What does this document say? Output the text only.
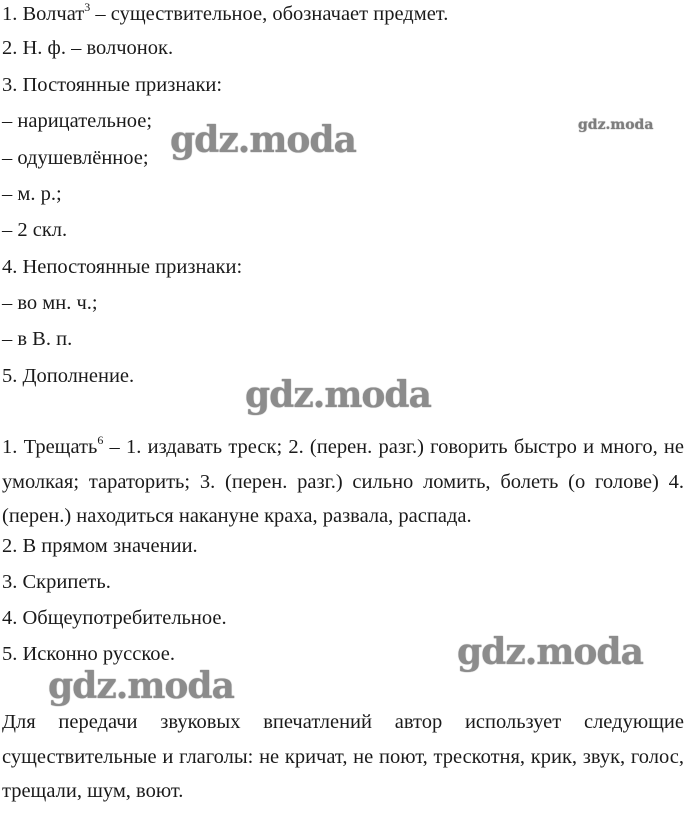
1. Волчат$^3$ – существительное, обозначает предмет.
2. Н. ф. – волчонок.
3. Постоянные признаки:
– нарицательное;
– одушевлённое;
– м. р.;
– 2 скл.
4. Непостоянные признаки:
– во мн. ч.;
– в В. п.
5. Дополнение.
1. Трещать$^6$ – 1. издавать треск; 2. (перен. разг.) говорить быстро и много, не умолкая; тараторить; 3. (перен. разг.) сильно ломить, болеть (о голове) 4. (перен.) находиться накануне краха, развала, распада.
2. В прямом значении.
3. Скрипеть.
4. Общеупотребительное.
5. Исконно русское.
Для передачи звуковых впечатлений автор использует следующие существительные и глаголы: не кричат, не поют, трескотня, крик, звук, голос, трещали, шум, воют.
gdz.moda	gdz.moda
gdz.moda
gdz.moda
gdz.moda
